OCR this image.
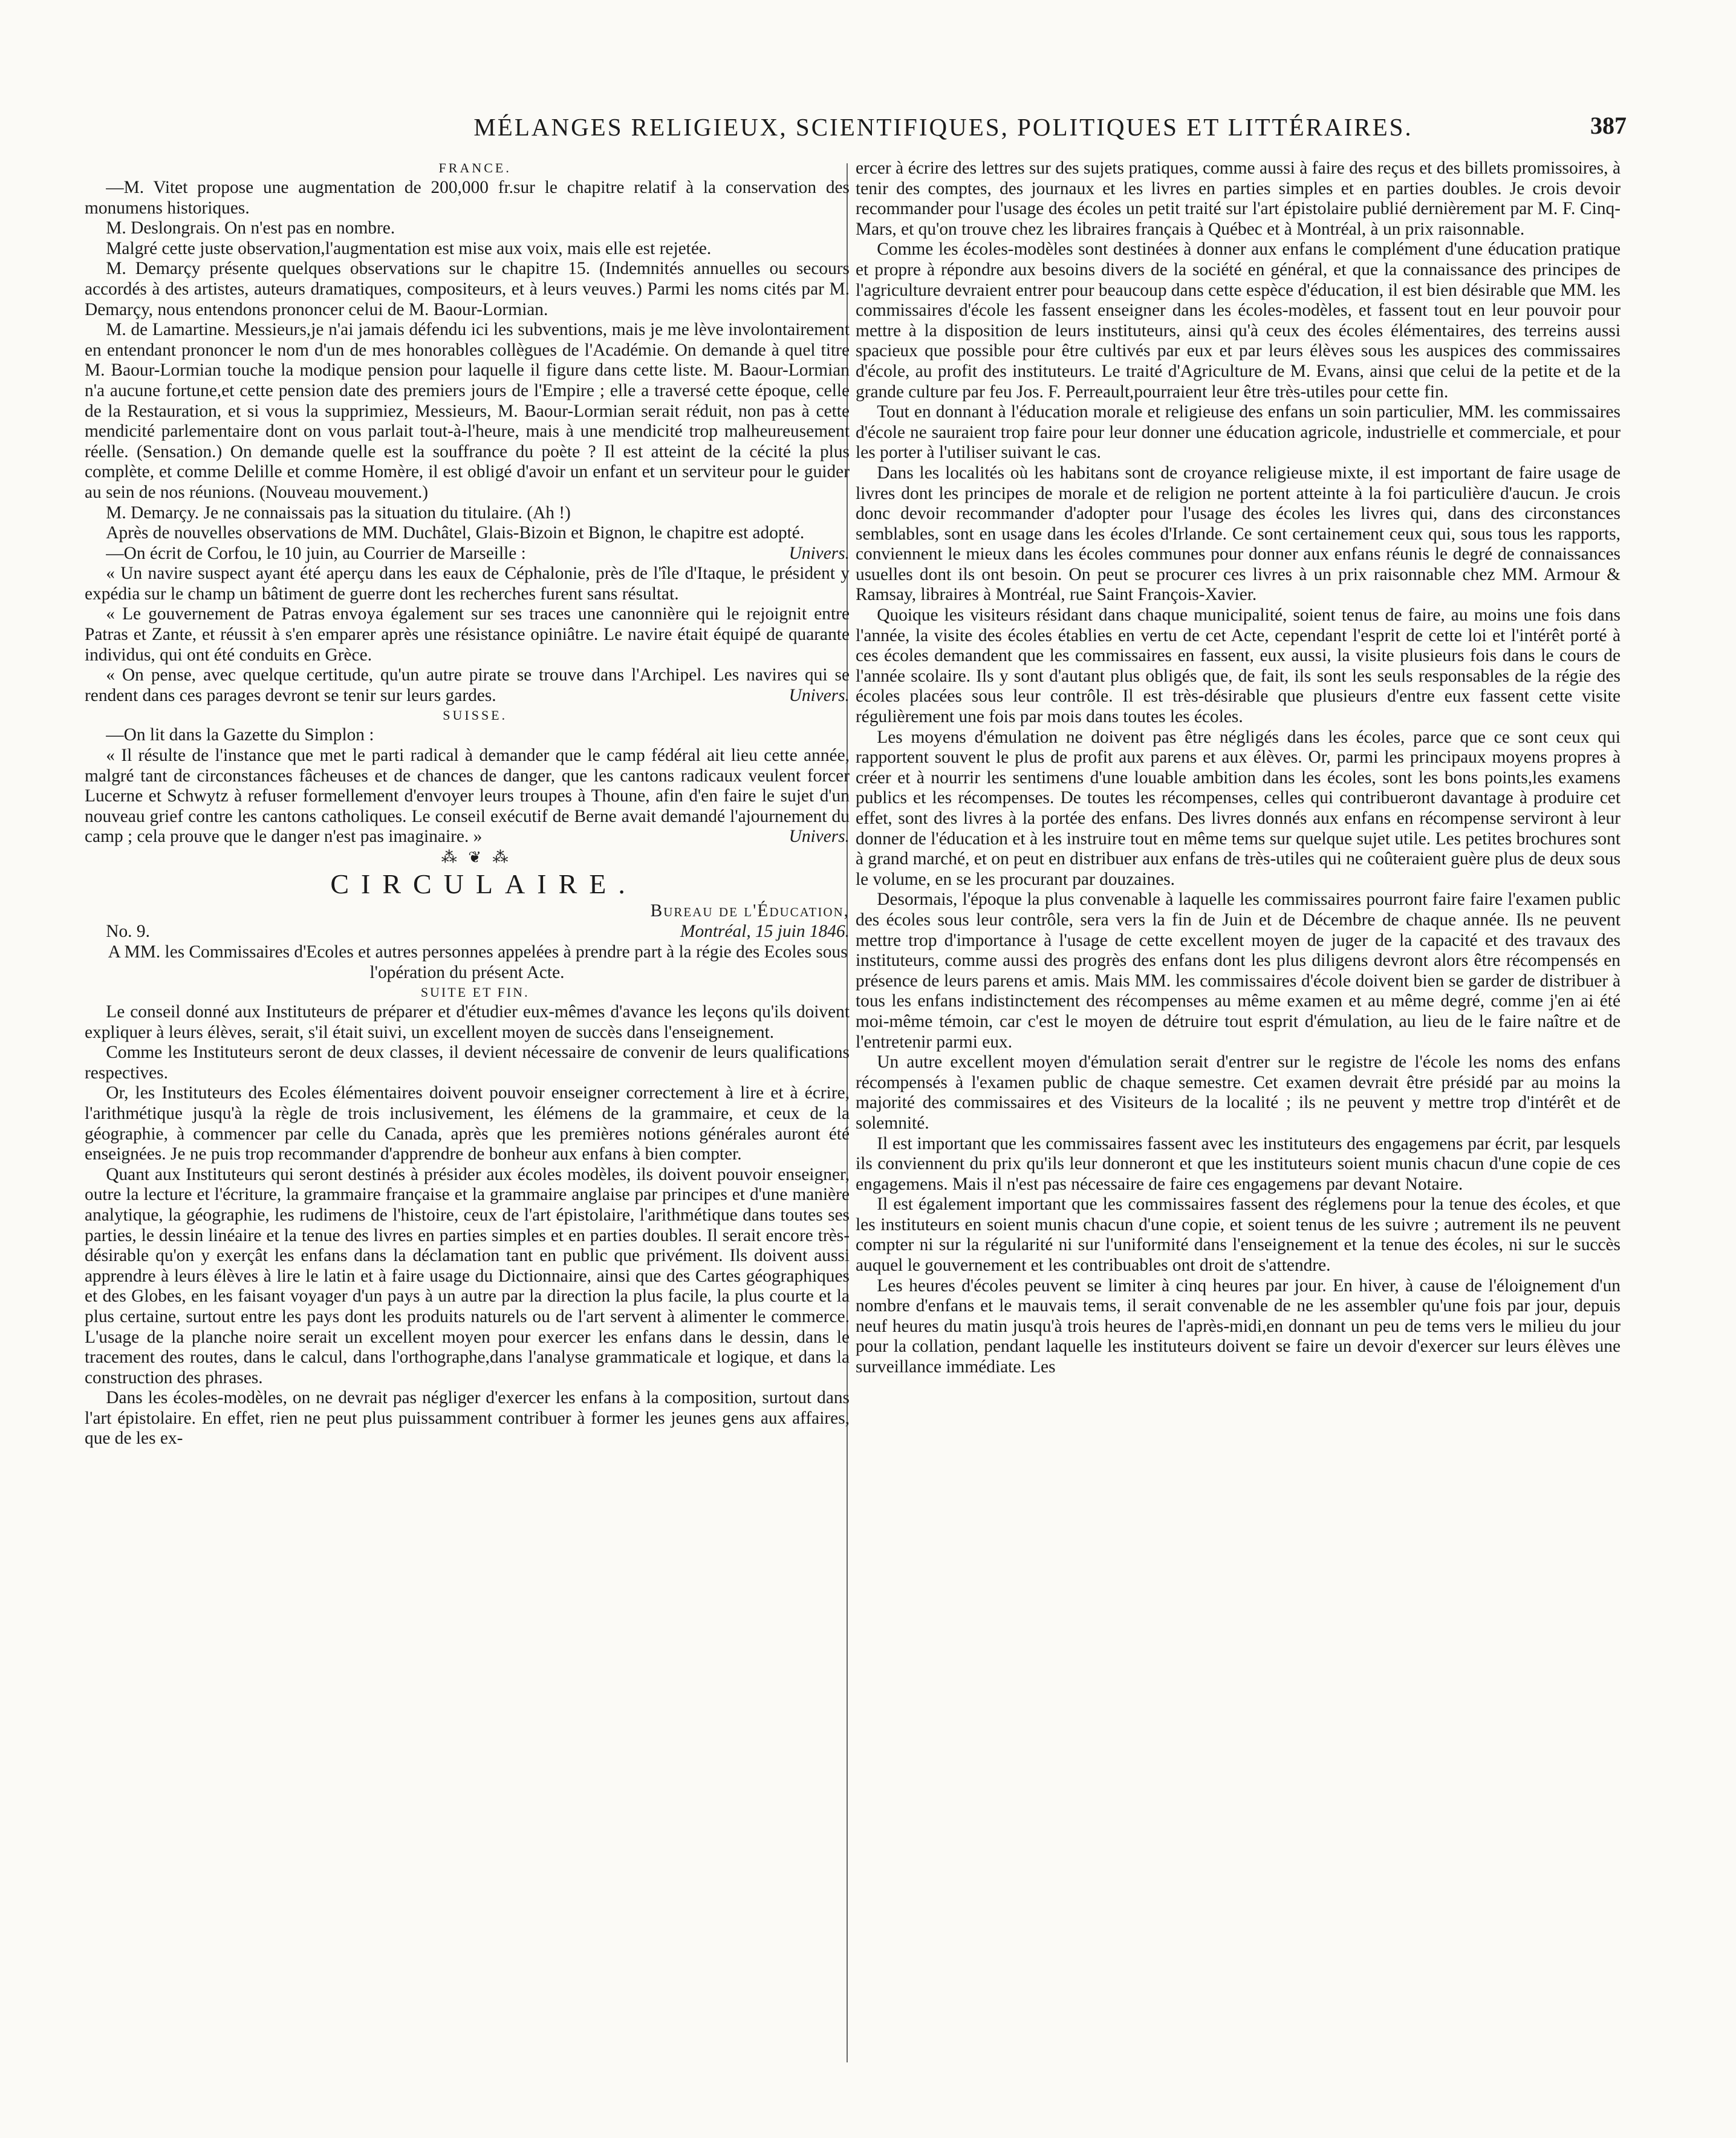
MÉLANGES RELIGIEUX, SCIENTIFIQUES, POLITIQUES ET LITTÉRAIRES.	387

FRANCE.

—M. Vitet propose une augmentation de 200,000 fr.sur le chapitre relatif à la conservation des monumens historiques.

M. Deslongrais. On n'est pas en nombre.

Malgré cette juste observation,l'augmentation est mise aux voix, mais elle est rejetée.

M. Demarçy présente quelques observations sur le chapitre 15. (Indemnités annuelles ou secours accordés à des artistes, auteurs dramatiques, compositeurs, et à leurs veuves.) Parmi les noms cités par M. Demarçy, nous entendons prononcer celui de M. Baour-Lormian.

M. de Lamartine. Messieurs,je n'ai jamais défendu ici les subventions, mais je me lève involontairement en entendant prononcer le nom d'un de mes honorables collègues de l'Académie. On demande à quel titre M. Baour-Lormian touche la modique pension pour laquelle il figure dans cette liste. M. Baour-Lormian n'a aucune fortune,et cette pension date des premiers jours de l'Empire ; elle a traversé cette époque, celle de la Restauration, et si vous la supprimiez, Messieurs, M. Baour-Lormian serait réduit, non pas à cette mendicité parlementaire dont on vous parlait tout-à-l'heure, mais à une mendicité trop malheureusement réelle. (Sensation.) On demande quelle est la souffrance du poète ? Il est atteint de la cécité la plus complète, et comme Delille et comme Homère, il est obligé d'avoir un enfant et un serviteur pour le guider au sein de nos réunions. (Nouveau mouvement.)

M. Demarçy. Je ne connaissais pas la situation du titulaire. (Ah !)

Après de nouvelles observations de MM. Duchâtel, Glais-Bizoin et Bignon, le chapitre est adopté.
Univers.

—On écrit de Corfou, le 10 juin, au Courrier de Marseille :

« Un navire suspect ayant été aperçu dans les eaux de Céphalonie, près de l'île d'Itaque, le président y expédia sur le champ un bâtiment de guerre dont les recherches furent sans résultat.

« Le gouvernement de Patras envoya également sur ses traces une canonnière qui le rejoignit entre Patras et Zante, et réussit à s'en emparer après une résistance opiniâtre. Le navire était équipé de quarante individus, qui ont été conduits en Grèce.

« On pense, avec quelque certitude, qu'un autre pirate se trouve dans l'Archipel. Les navires qui se rendent dans ces parages devront se tenir sur leurs gardes.	Univers.

SUISSE.

—On lit dans la Gazette du Simplon :

« Il résulte de l'instance que met le parti radical à demander que le camp fédéral ait lieu cette année, malgré tant de circonstances fâcheuses et de chances de danger, que les cantons radicaux veulent forcer Lucerne et Schwytz à refuser formellement d'envoyer leurs troupes à Thoune, afin d'en faire le sujet d'un nouveau grief contre les cantons catholiques. Le conseil exécutif de Berne avait demandé l'ajournement du camp ; cela prouve que le danger n'est pas imaginaire. »	Univers.

⁂ ❦ ⁂

CIRCULAIRE.

Bureau de l'Éducation,

No. 9.	Montréal, 15 juin 1846.

A MM. les Commissaires d'Ecoles et autres personnes appelées à prendre part à la régie des Ecoles sous l'opération du présent Acte.

SUITE ET FIN.

Le conseil donné aux Instituteurs de préparer et d'étudier eux-mêmes d'avance les leçons qu'ils doivent expliquer à leurs élèves, serait, s'il était suivi, un excellent moyen de succès dans l'enseignement.

Comme les Instituteurs seront de deux classes, il devient nécessaire de convenir de leurs qualifications respectives.

Or, les Instituteurs des Ecoles élémentaires doivent pouvoir enseigner correctement à lire et à écrire, l'arithmétique jusqu'à la règle de trois inclusivement, les élémens de la grammaire, et ceux de la géographie, à commencer par celle du Canada, après que les premières notions générales auront été enseignées. Je ne puis trop recommander d'apprendre de bonheur aux enfans à bien compter.

Quant aux Instituteurs qui seront destinés à présider aux écoles modèles, ils doivent pouvoir enseigner, outre la lecture et l'écriture, la grammaire française et la grammaire anglaise par principes et d'une manière analytique, la géographie, les rudimens de l'histoire, ceux de l'art épistolaire, l'arithmétique dans toutes ses parties, le dessin linéaire et la tenue des livres en parties simples et en parties doubles. Il serait encore très-désirable qu'on y exerçât les enfans dans la déclamation tant en public que privément. Ils doivent aussi apprendre à leurs élèves à lire le latin et à faire usage du Dictionnaire, ainsi que des Cartes géographiques et des Globes, en les faisant voyager d'un pays à un autre par la direction la plus facile, la plus courte et la plus certaine, surtout entre les pays dont les produits naturels ou de l'art servent à alimenter le commerce. L'usage de la planche noire serait un excellent moyen pour exercer les enfans dans le dessin, dans le tracement des routes, dans le calcul, dans l'orthographe,dans l'analyse grammaticale et logique, et dans la construction des phrases.

Dans les écoles-modèles, on ne devrait pas négliger d'exercer les enfans à la composition, surtout dans l'art épistolaire. En effet, rien ne peut plus puissamment contribuer à former les jeunes gens aux affaires, que de les ex-

ercer à écrire des lettres sur des sujets pratiques, comme aussi à faire des reçus et des billets promissoires, à tenir des comptes, des journaux et les livres en parties simples et en parties doubles. Je crois devoir recommander pour l'usage des écoles un petit traité sur l'art épistolaire publié dernièrement par M. F. Cinq-Mars, et qu'on trouve chez les libraires français à Québec et à Montréal, à un prix raisonnable.

Comme les écoles-modèles sont destinées à donner aux enfans le complément d'une éducation pratique et propre à répondre aux besoins divers de la société en général, et que la connaissance des principes de l'agriculture devraient entrer pour beaucoup dans cette espèce d'éducation, il est bien désirable que MM. les commissaires d'école les fassent enseigner dans les écoles-modèles, et fassent tout en leur pouvoir pour mettre à la disposition de leurs instituteurs, ainsi qu'à ceux des écoles élémentaires, des terreins aussi spacieux que possible pour être cultivés par eux et par leurs élèves sous les auspices des commissaires d'école, au profit des instituteurs. Le traité d'Agriculture de M. Evans, ainsi que celui de la petite et de la grande culture par feu Jos. F. Perreault,pourraient leur être très-utiles pour cette fin.

Tout en donnant à l'éducation morale et religieuse des enfans un soin particulier, MM. les commissaires d'école ne sauraient trop faire pour leur donner une éducation agricole, industrielle et commerciale, et pour les porter à l'utiliser suivant le cas.

Dans les localités où les habitans sont de croyance religieuse mixte, il est important de faire usage de livres dont les principes de morale et de religion ne portent atteinte à la foi particulière d'aucun. Je crois donc devoir recommander d'adopter pour l'usage des écoles les livres qui, dans des circonstances semblables, sont en usage dans les écoles d'Irlande. Ce sont certainement ceux qui, sous tous les rapports, conviennent le mieux dans les écoles communes pour donner aux enfans réunis le degré de connaissances usuelles dont ils ont besoin. On peut se procurer ces livres à un prix raisonnable chez MM. Armour & Ramsay, libraires à Montréal, rue Saint François-Xavier.

Quoique les visiteurs résidant dans chaque municipalité, soient tenus de faire, au moins une fois dans l'année, la visite des écoles établies en vertu de cet Acte, cependant l'esprit de cette loi et l'intérêt porté à ces écoles demandent que les commissaires en fassent, eux aussi, la visite plusieurs fois dans le cours de l'année scolaire. Ils y sont d'autant plus obligés que, de fait, ils sont les seuls responsables de la régie des écoles placées sous leur contrôle. Il est très-désirable que plusieurs d'entre eux fassent cette visite régulièrement une fois par mois dans toutes les écoles.

Les moyens d'émulation ne doivent pas être négligés dans les écoles, parce que ce sont ceux qui rapportent souvent le plus de profit aux parens et aux élèves. Or, parmi les principaux moyens propres à créer et à nourrir les sentimens d'une louable ambition dans les écoles, sont les bons points,les examens publics et les récompenses. De toutes les récompenses, celles qui contribueront davantage à produire cet effet, sont des livres à la portée des enfans. Des livres donnés aux enfans en récompense serviront à leur donner de l'éducation et à les instruire tout en même tems sur quelque sujet utile. Les petites brochures sont à grand marché, et on peut en distribuer aux enfans de très-utiles qui ne coûteraient guère plus de deux sous le volume, en se les procurant par douzaines.

Desormais, l'époque la plus convenable à laquelle les commissaires pourront faire faire l'examen public des écoles sous leur contrôle, sera vers la fin de Juin et de Décembre de chaque année. Ils ne peuvent mettre trop d'importance à l'usage de cette excellent moyen de juger de la capacité et des travaux des instituteurs, comme aussi des progrès des enfans dont les plus diligens devront alors être récompensés en présence de leurs parens et amis. Mais MM. les commissaires d'école doivent bien se garder de distribuer à tous les enfans indistinctement des récompenses au même examen et au même degré, comme j'en ai été moi-même témoin, car c'est le moyen de détruire tout esprit d'émulation, au lieu de le faire naître et de l'entretenir parmi eux.

Un autre excellent moyen d'émulation serait d'entrer sur le registre de l'école les noms des enfans récompensés à l'examen public de chaque semestre. Cet examen devrait être présidé par au moins la majorité des commissaires et des Visiteurs de la localité ; ils ne peuvent y mettre trop d'intérêt et de solemnité.

Il est important que les commissaires fassent avec les instituteurs des engagemens par écrit, par lesquels ils conviennent du prix qu'ils leur donneront et que les instituteurs soient munis chacun d'une copie de ces engagemens. Mais il n'est pas nécessaire de faire ces engagemens par devant Notaire.

Il est également important que les commissaires fassent des réglemens pour la tenue des écoles, et que les instituteurs en soient munis chacun d'une copie, et soient tenus de les suivre ; autrement ils ne peuvent compter ni sur la régularité ni sur l'uniformité dans l'enseignement et la tenue des écoles, ni sur le succès auquel le gouvernement et les contribuables ont droit de s'attendre.

Les heures d'écoles peuvent se limiter à cinq heures par jour. En hiver, à cause de l'éloignement d'un nombre d'enfans et le mauvais tems, il serait convenable de ne les assembler qu'une fois par jour, depuis neuf heures du matin jusqu'à trois heures de l'après-midi,en donnant un peu de tems vers le milieu du jour pour la collation, pendant laquelle les instituteurs doivent se faire un devoir d'exercer sur leurs élèves une surveillance immédiate. Les
